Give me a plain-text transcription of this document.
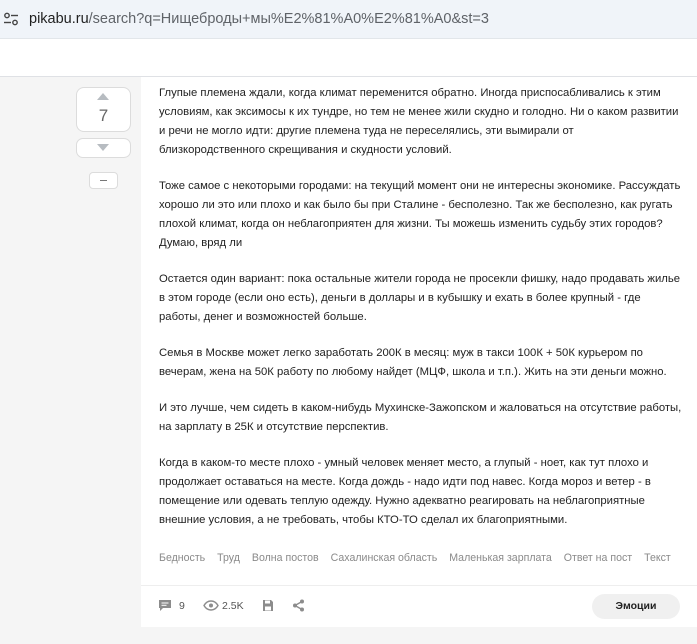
pikabu.ru/search?q=Нищеброды+мы%E2%81%A0%E2%81%A0&st=3
7

Глупые племена ждали, когда климат переменится обратно. Иногда приспосабливались к этим условиям, как эксимосы к их тундре, но тем не менее жили скудно и голодно. Ни о каком развитии и речи не могло идти: другие племена туда не переселялись, эти вымирали от близкородственного скрещивания и скудности условий.

Тоже самое с некоторыми городами: на текущий момент они не интересны экономике. Рассуждать хорошо ли это или плохо и как было бы при Сталине - бесполезно. Так же бесполезно, как ругать плохой климат, когда он неблагоприятен для жизни. Ты можешь изменить судьбу этих городов? Думаю, вряд ли

Остается один вариант: пока остальные жители города не просекли фишку, надо продавать жилье в этом городе (если оно есть), деньги в доллары и в кубышку и ехать в более крупный - где работы, денег и возможностей больше.

Семья в Москве может легко заработать 200К в месяц: муж в такси 100К + 50К курьером по вечерам, жена на 50К работу по любому найдет (МЦФ, школа и т.п.). Жить на эти деньги можно.

И это лучше, чем сидеть в каком-нибудь Мухинске-Зажопском и жаловаться на отсутствие работы, на зарплату в 25К и отсутствие перспектив.

Когда в каком-то месте плохо - умный человек меняет место, а глупый - ноет, как тут плохо и продолжает оставаться на месте. Когда дождь - надо идти под навес. Когда мороз и ветер - в помещение или одевать теплую одежду. Нужно адекватно реагировать на неблагоприятные внешние условия, а не требовать, чтобы КТО-ТО сделал их благоприятными.

Бедность Труд Волна постов Сахалинская область Маленькая зарплата Ответ на пост Текст
9	2.5K	Эмоции
